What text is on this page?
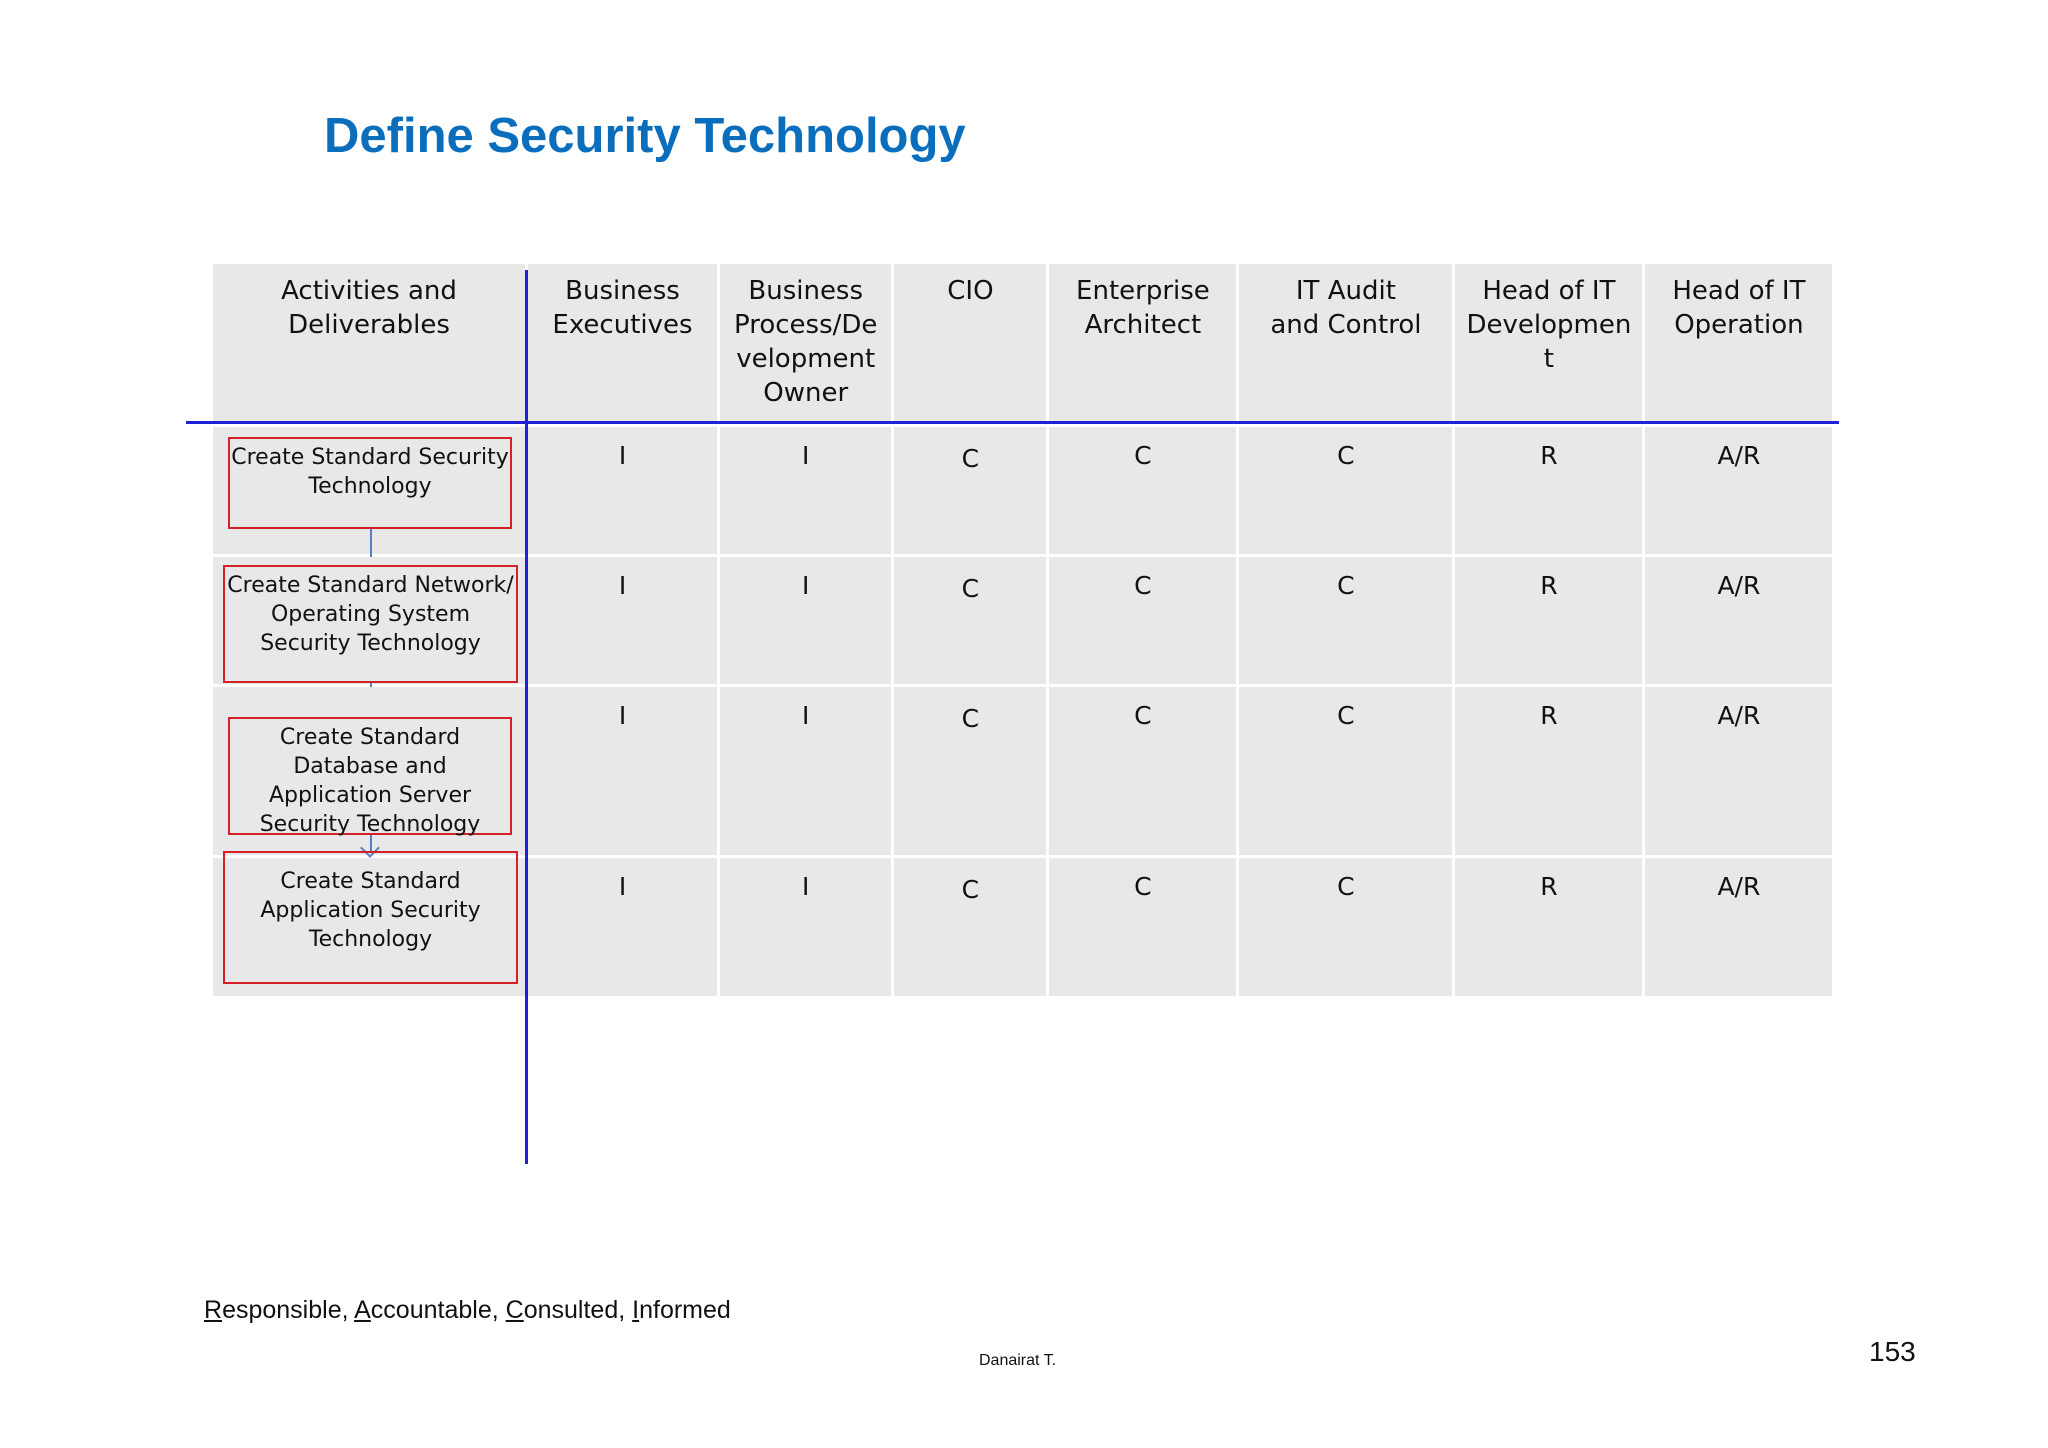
Define Security Technology
Activities and Deliverables	Business Executives	Business Process/De velopment Owner	CIO	Enterprise Architect	IT Audit and Control	Head of IT Developmen t	Head of IT Operation

Create Standard Security Technology	I	I	C	C	C	R	A/R

Create Standard Network/ Operating System Security Technology	I	I	C	C	C	R	A/R

Create Standard Database and Application Server Security Technology	I	I	C	C	C	R	A/R

Create Standard Application Security Technology	I	I	C	C	C	R	A/R
Responsible, Accountable, Consulted, Informed
Danairat T.	153
